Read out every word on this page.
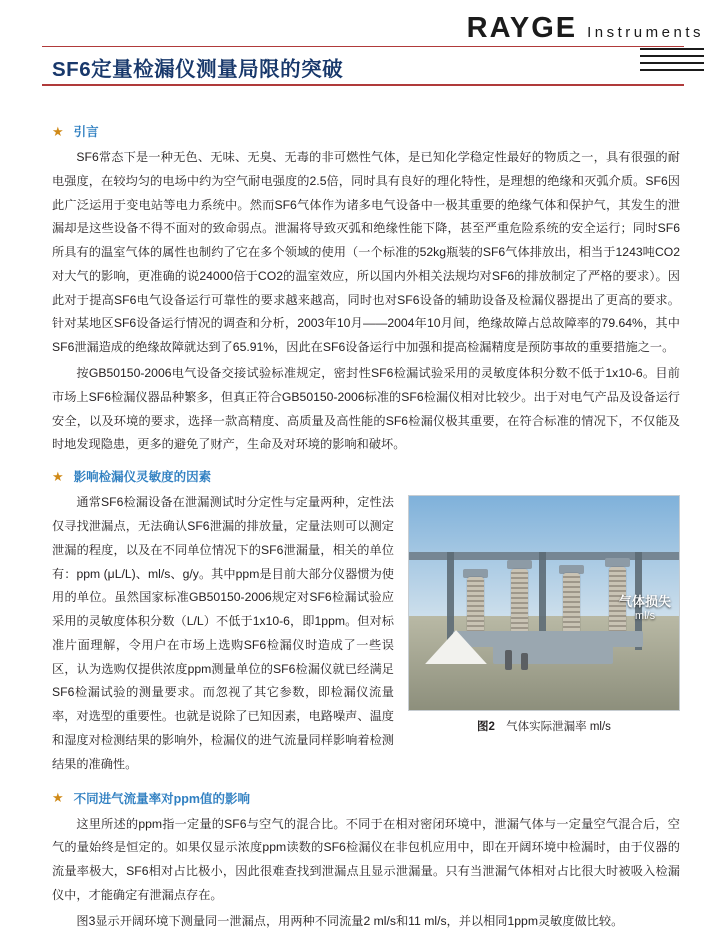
RAYGE Instruments
SF6定量检漏仪测量局限的突破
★ 引言

SF6常态下是一种无色、无味、无臭、无毒的非可燃性气体，是已知化学稳定性最好的物质之一，具有很强的耐电强度，在较均匀的电场中约为空气耐电强度的2.5倍，同时具有良好的理化特性，是理想的绝缘和灭弧介质。SF6因此广泛运用于变电站等电力系统中。然而SF6气体作为诸多电气设备中一极其重要的绝缘气体和保护气，其发生的泄漏却是这些设备不得不面对的致命弱点。泄漏将导致灭弧和绝缘性能下降，甚至严重危险系统的安全运行；同时SF6所具有的温室气体的属性也制约了它在多个领域的使用（一个标准的52kg瓶装的SF6气体排放出，相当于1243吨CO2对大气的影响，更准确的说24000倍于CO2的温室效应，所以国内外相关法规均对SF6的排放制定了严格的要求）。因此对于提高SF6电气设备运行可靠性的要求越来越高，同时也对SF6设备的辅助设备及检漏仪器提出了更高的要求。针对某地区SF6设备运行情况的调查和分析，2003年10月——2004年10月间，绝缘故障占总故障率的79.64%，其中SF6泄漏造成的绝缘故障就达到了65.91%，因此在SF6设备运行中加强和提高检漏精度是预防事故的重要措施之一。

按GB50150-2006电气设备交接试验标准规定，密封性SF6检漏试验采用的灵敏度体积分数不低于1x10-6。目前市场上SF6检漏仪器品种繁多，但真正符合GB50150-2006标准的SF6检漏仪相对比较少。出于对电气产品及设备运行安全，以及环境的要求，选择一款高精度、高质量及高性能的SF6检漏仪极其重要，在符合标准的情况下，不仅能及时地发现隐患，更多的避免了财产，生命及对环境的影响和破坏。

★ 影响检漏仪灵敏度的因素
气体损失
ml/s
图2 气体实际泄漏率 ml/s

通常SF6检漏设备在泄漏测试时分定性与定量两种，定性法仅寻找泄漏点，无法确认SF6泄漏的排放量，定量法则可以测定泄漏的程度，以及在不同单位情况下的SF6泄漏量，相关的单位有：ppm (μL/L)、ml/s、g/y。其中ppm是目前大部分仪器惯为使用的单位。虽然国家标准GB50150-2006规定对SF6检漏试验应采用的灵敏度体积分数（L/L）不低于1x10-6，即1ppm。但对标准片面理解，令用户在市场上选购SF6检漏仪时造成了一些误区，认为选购仅提供浓度ppm测量单位的SF6检漏仪就已经满足SF6检漏试验的测量要求。而忽视了其它参数，即检漏仪流量率，对选型的重要性。也就是说除了已知因素，电路噪声、温度和湿度对检测结果的影响外，检漏仪的进气流量同样影响着检测结果的准确性。

★ 不同进气流量率对ppm值的影响

这里所述的ppm指一定量的SF6与空气的混合比。不同于在相对密闭环境中，泄漏气体与一定量空气混合后，空气的量始终是恒定的。如果仅显示浓度ppm读数的SF6检漏仪在非包机应用中，即在开阔环境中检漏时，由于仪器的流量率极大，SF6相对占比极小，因此很难查找到泄漏点且显示泄漏量。只有当泄漏气体相对占比很大时被吸入检漏仪中，才能确定有泄漏点存在。

图3显示开阔环境下测量同一泄漏点，用两种不同流量2 ml/s和11 ml/s，并以相同1ppm灵敏度做比较。
